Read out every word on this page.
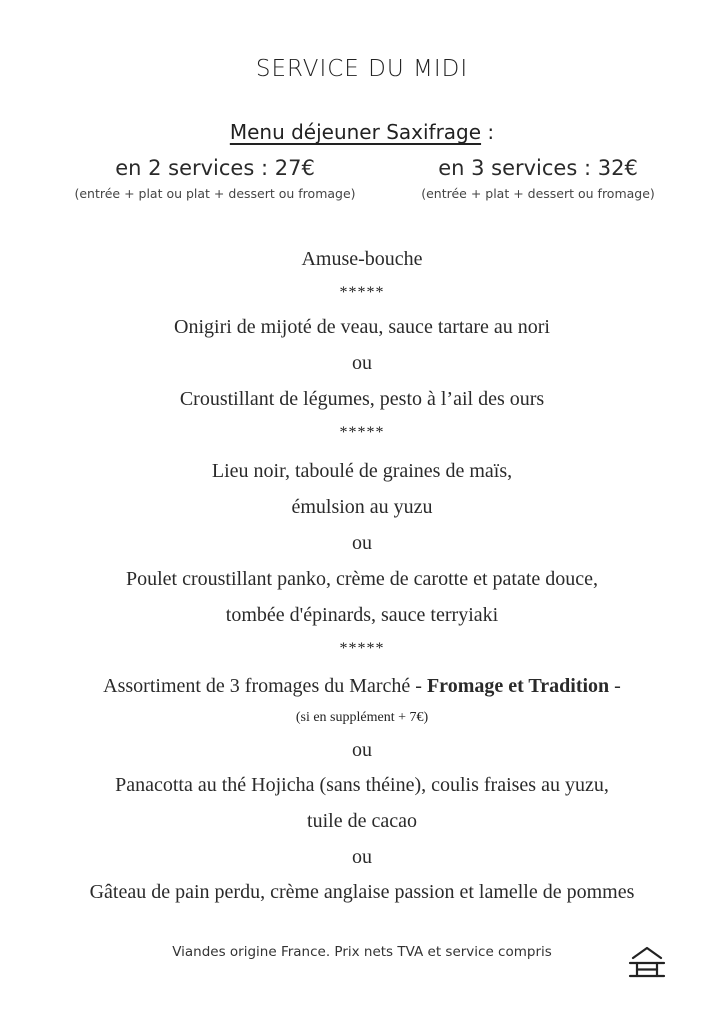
SERVICE DU MIDI
Menu déjeuner Saxifrage :
en 2 services : 27€
(entrée + plat ou plat + dessert ou fromage)
en 3 services : 32€
(entrée + plat + dessert ou fromage)
Amuse-bouche
*****
Onigiri de mijoté de veau, sauce tartare au nori
ou
Croustillant de légumes, pesto à l’ail des ours
*****
Lieu noir, taboulé de graines de maïs,
émulsion au yuzu
ou
Poulet croustillant panko, crème de carotte et patate douce,
tombée d'épinards, sauce terryiaki
*****
Assortiment de 3 fromages du Marché - Fromage et Tradition -
(si en supplément + 7€)
ou
Panacotta au thé Hojicha (sans théine), coulis fraises au yuzu,
tuile de cacao
ou
Gâteau de pain perdu, crème anglaise passion et lamelle de pommes
Viandes origine France. Prix nets TVA et service compris
